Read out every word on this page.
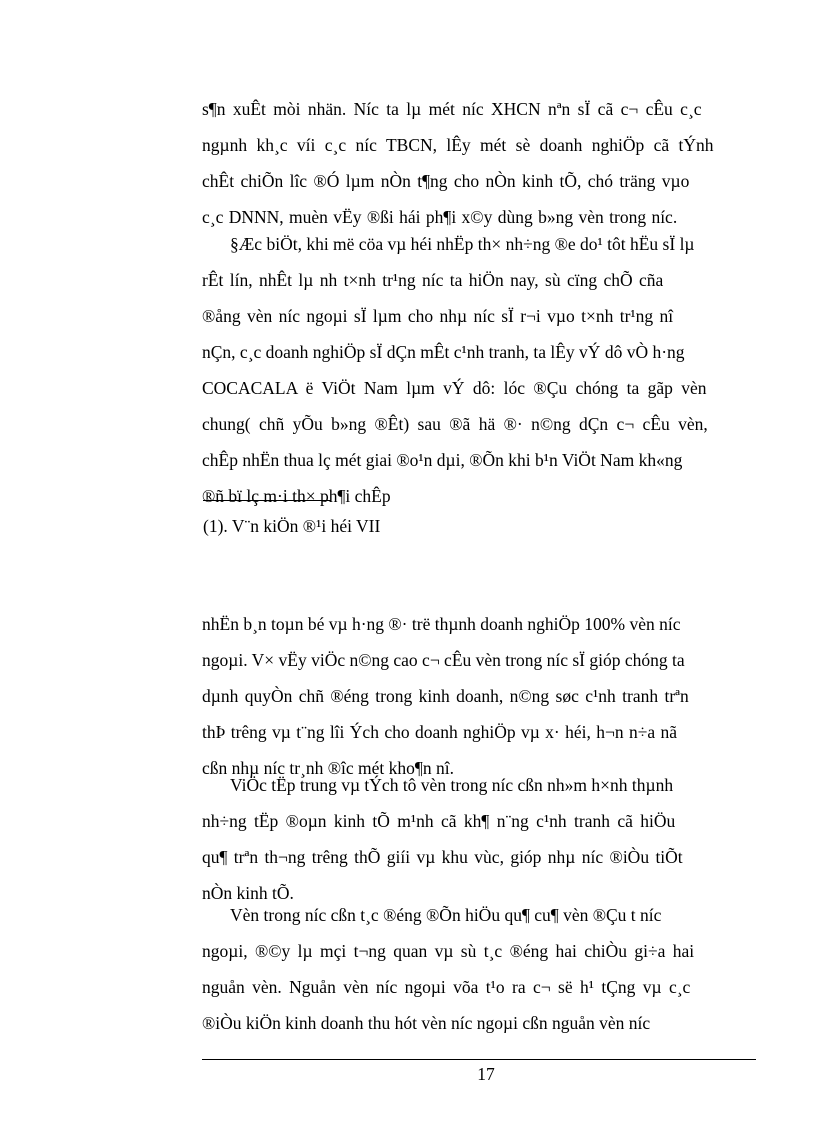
s¶n xuÊt mòi nhän. Níc ta lµ mét níc XHCN nªn sÏ cã c¬ cÊu c¸c
ngµnh kh¸c víi c¸c níc TBCN, lÊy mét sè doanh nghiÖp cã tÝnh
chÊt chiÕn lîc ®Ó lµm nÒn t¶ng cho nÒn kinh tÕ, chó träng vµo
c¸c DNNN, muèn vËy ®ßi hái ph¶i x©y dùng b»ng vèn trong níc.
§Æc biÖt, khi më cöa vµ héi nhËp th× nh÷ng ®e do¹ tôt hËu sÏ lµ
rÊt lín, nhÊt lµ nh t×nh tr¹ng níc ta hiÖn nay, sù cïng chÕ cña
®ång vèn níc ngoµi sÏ lµm cho nhµ níc sÏ r¬i vµo t×nh tr¹ng nî
nÇn, c¸c doanh nghiÖp sÏ dÇn mÊt c¹nh tranh, ta lÊy vÝ dô vÒ h·ng
COCACALA ë ViÖt Nam lµm vÝ dô: lóc ®Çu chóng ta gãp vèn
chung( chñ yÕu b»ng ®Êt) sau ®ã hä ®· n©ng dÇn c¬ cÊu vèn,
chÊp nhËn thua lç mét giai ®o¹n dµi, ®Õn khi b¹n ViÖt Nam kh«ng
®ñ bï lç m·i th× ph¶i chÊp
(1). V¨n kiÖn ®¹i héi VII
nhËn b¸n toµn bé vµ h·ng ®· trë thµnh doanh nghiÖp 100% vèn níc
ngoµi. V× vËy viÖc n©ng cao c¬ cÊu vèn trong níc sÏ gióp chóng ta
dµnh quyÒn chñ ®éng trong kinh doanh, n©ng søc c¹nh tranh trªn
thÞ trêng vµ t¨ng lîi Ých cho doanh nghiÖp vµ x· héi, h¬n n÷a nã
cßn nhµ níc tr¸nh ®îc mét kho¶n nî.
ViÖc tËp trung vµ tÝch tô vèn trong níc cßn nh»m h×nh thµnh
nh÷ng tËp ®oµn kinh tÕ m¹nh cã kh¶ n¨ng c¹nh tranh cã hiÖu
qu¶ trªn th¬ng trêng thÕ giíi vµ khu vùc, gióp nhµ níc ®iÒu tiÕt
nÒn kinh tÕ.
Vèn trong níc cßn t¸c ®éng ®Õn hiÖu qu¶ cu¶ vèn ®Çu t níc
ngoµi, ®©y lµ mçi t¬ng quan vµ sù t¸c ®éng hai chiÒu gi÷a hai
nguån vèn. Nguån vèn níc ngoµi võa t¹o ra c¬ së h¹ tÇng vµ c¸c
®iÒu kiÖn kinh doanh thu hót vèn níc ngoµi cßn nguån vèn níc
17
